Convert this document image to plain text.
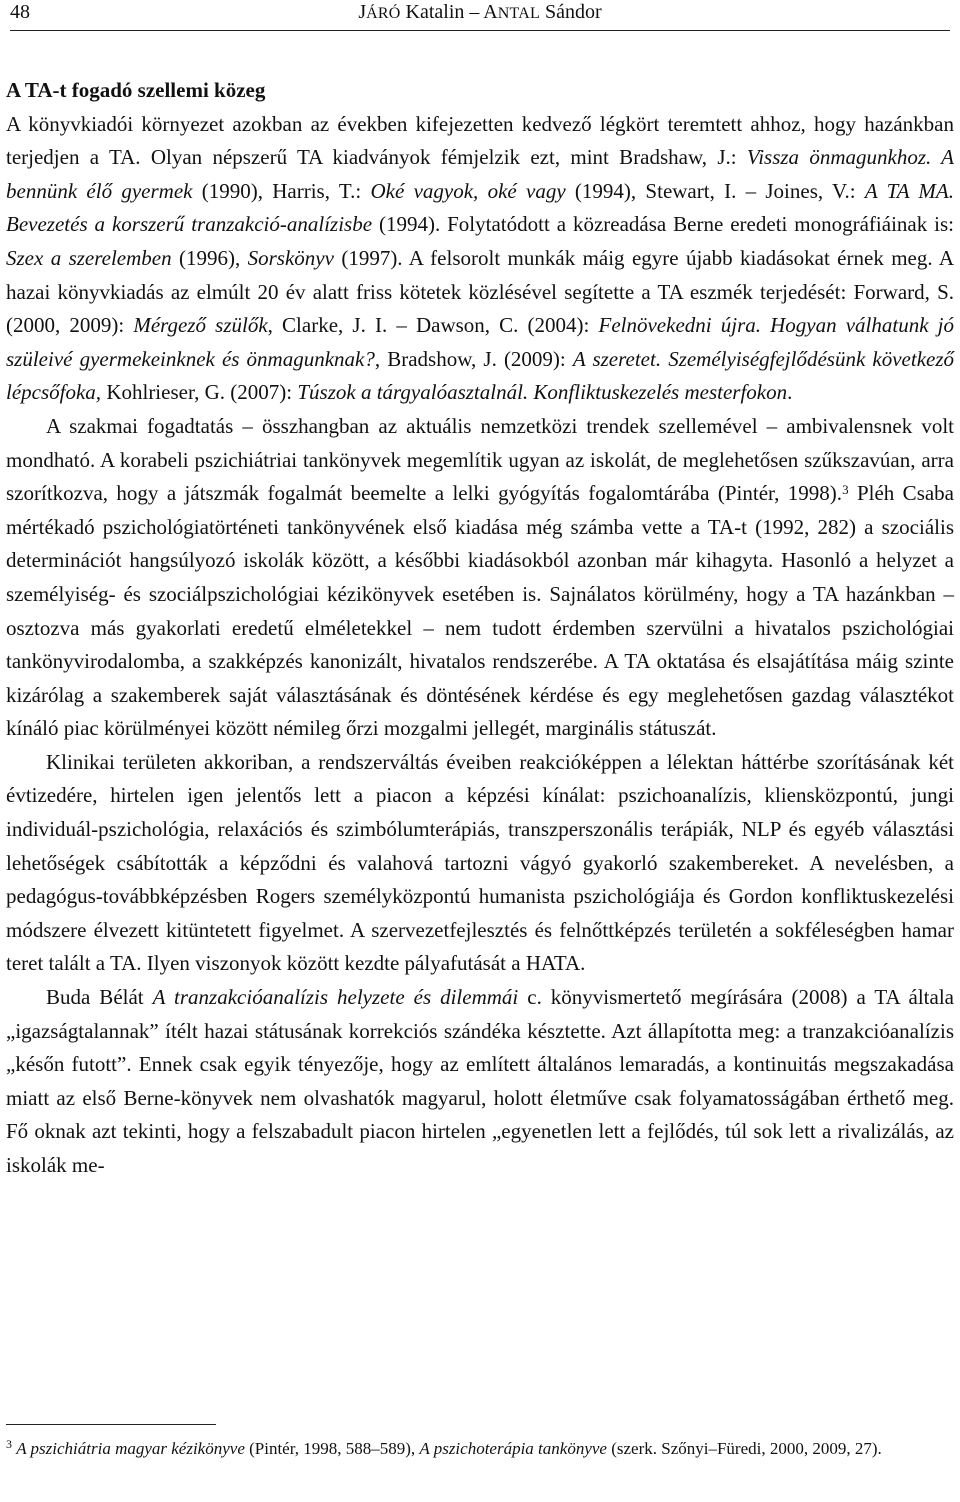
48	JÁRÓ Katalin – ANTAL Sándor

A TA-t fogadó szellemi közeg

A könyvkiadói környezet azokban az években kifejezetten kedvező légkört teremtett ahhoz, hogy hazánkban terjedjen a TA. Olyan népszerű TA kiadványok fémjelzik ezt, mint Bradshaw, J.: Vissza önmagunkhoz. A bennünk élő gyermek (1990), Harris, T.: Oké vagyok, oké vagy (1994), Stewart, I. – Joines, V.: A TA MA. Bevezetés a korszerű tranzakció-analízisbe (1994). Folytatódott a közreadása Berne eredeti monográfiáinak is: Szex a szerelemben (1996), Sorskönyv (1997). A felsorolt munkák máig egyre újabb kiadásokat érnek meg. A hazai könyvkiadás az elmúlt 20 év alatt friss kötetek közlésével segítette a TA eszmék terjedését: Forward, S. (2000, 2009): Mérgező szülők, Clarke, J. I. – Dawson, C. (2004): Felnövekedni újra. Hogyan válhatunk jó szüleivé gyermekeinknek és önmagunknak?, Bradshow, J. (2009): A szeretet. Személyiségfejlődésünk következő lépcsőfoka, Kohlrieser, G. (2007): Túszok a tárgyalóasztalnál. Konfliktuskezelés mesterfokon.

A szakmai fogadtatás – összhangban az aktuális nemzetközi trendek szellemével – ambivalensnek volt mondható. A korabeli pszichiátriai tankönyvek megemlítik ugyan az iskolát, de meglehetősen szűkszavúan, arra szorítkozva, hogy a játszmák fogalmát beemelte a lelki gyógyítás fogalomtárába (Pintér, 1998).$^3$ Pléh Csaba mértékadó pszichológiatörténeti tankönyvének első kiadása még számba vette a TA-t (1992, 282) a szociális determinációt hangsúlyozó iskolák között, a későbbi kiadásokból azonban már kihagyta. Hasonló a helyzet a személyiség- és szociálpszichológiai kézikönyvek esetében is. Sajnálatos körülmény, hogy a TA hazánkban – osztozva más gyakorlati eredetű elméletekkel – nem tudott érdemben szervülni a hivatalos pszichológiai tankönyvirodalomba, a szakképzés kanonizált, hivatalos rendszerébe. A TA oktatása és elsajátítása máig szinte kizárólag a szakemberek saját választásának és döntésének kérdése és egy meglehetősen gazdag választékot kínáló piac körülményei között némileg őrzi mozgalmi jellegét, marginális státuszát.

Klinikai területen akkoriban, a rendszerváltás éveiben reakcióképpen a lélektan háttérbe szorításának két évtizedére, hirtelen igen jelentős lett a piacon a képzési kínálat: pszichoanalízis, kliensközpontú, jungi individuál-pszichológia, relaxációs és szimbólumterápiás, transzperszonális terápiák, NLP és egyéb választási lehetőségek csábították a képződni és valahová tartozni vágyó gyakorló szakembereket. A nevelésben, a pedagógus-továbbképzésben Rogers személyközpontú humanista pszichológiája és Gordon konfliktuskezelési módszere élvezett kitüntetett figyelmet. A szervezetfejlesztés és felnőttképzés területén a sokféleségben hamar teret talált a TA. Ilyen viszonyok között kezdte pályafutását a HATA.

Buda Bélát A tranzakcióanalízis helyzete és dilemmái c. könyvismertető megírására (2008) a TA általa „igazságtalannak” ítélt hazai státusának korrekciós szándéka késztette. Azt állapította meg: a tranzakcióanalízis „későn futott”. Ennek csak egyik tényezője, hogy az említett általános lemaradás, a kontinuitás megszakadása miatt az első Berne-könyvek nem olvashatók magyarul, holott életműve csak folyamatosságában érthető meg. Fő oknak azt tekinti, hogy a felszabadult piacon hirtelen „egyenetlen lett a fejlődés, túl sok lett a rivalizálás, az iskolák me-

$^3$ A pszichiátria magyar kézikönyve (Pintér, 1998, 588–589), A pszichoterápia tankönyve (szerk. Szőnyi–Füredi, 2000, 2009, 27).
